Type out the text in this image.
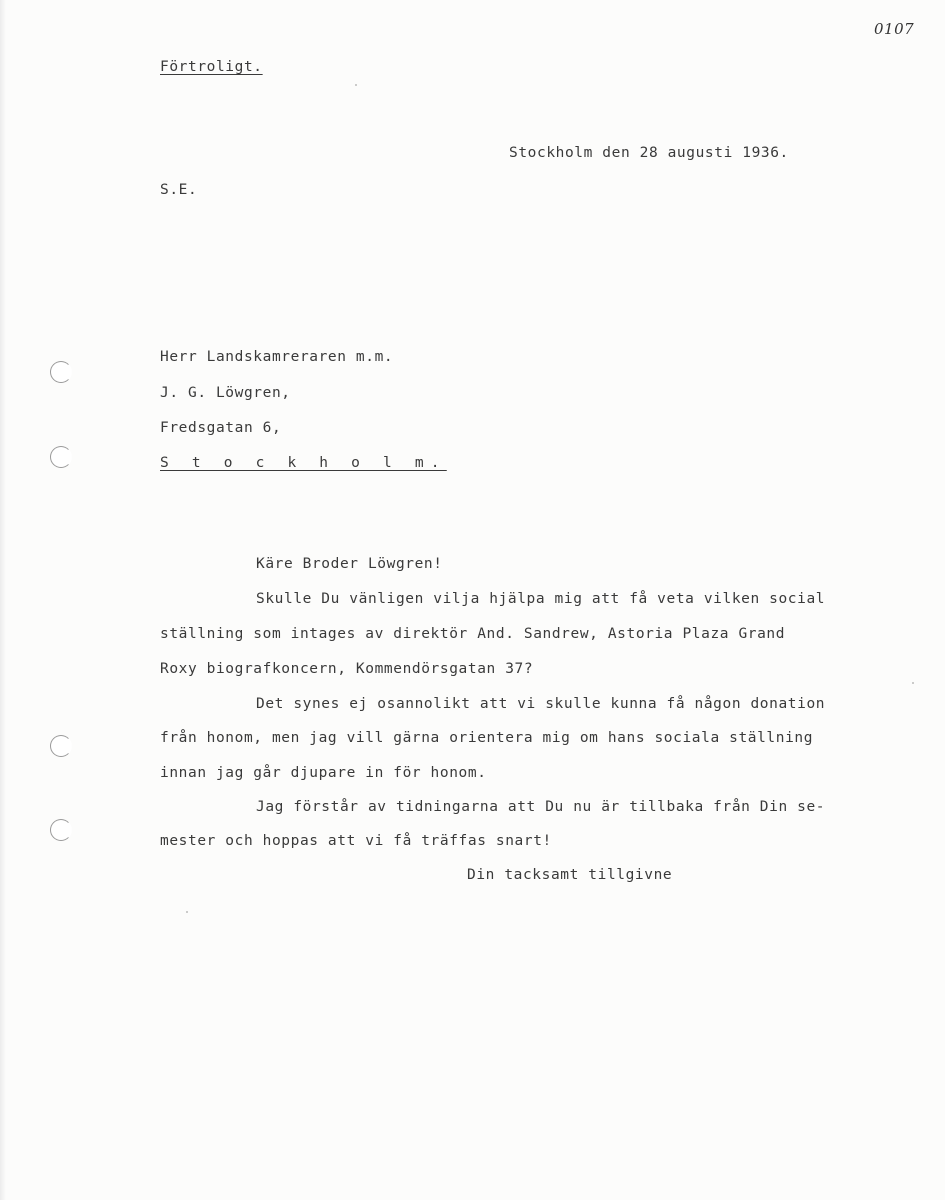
0107
Förtroligt.
Stockholm den 28 augusti 1936.
S.E.
Herr Landskamreraren m.m.
J. G. Löwgren,
Fredsgatan 6,
S t o c k h o l m.
Käre Broder Löwgren!
Skulle Du vänligen vilja hjälpa mig att få veta vilken social
ställning som intages av direktör And. Sandrew, Astoria Plaza Grand
Roxy biografkoncern, Kommendörsgatan 37?
Det synes ej osannolikt att vi skulle kunna få någon donation
från honom, men jag vill gärna orientera mig om hans sociala ställning
innan jag går djupare in för honom.
Jag förstår av tidningarna att Du nu är tillbaka från Din se-
mester och hoppas att vi få träffas snart!
Din tacksamt tillgivne
